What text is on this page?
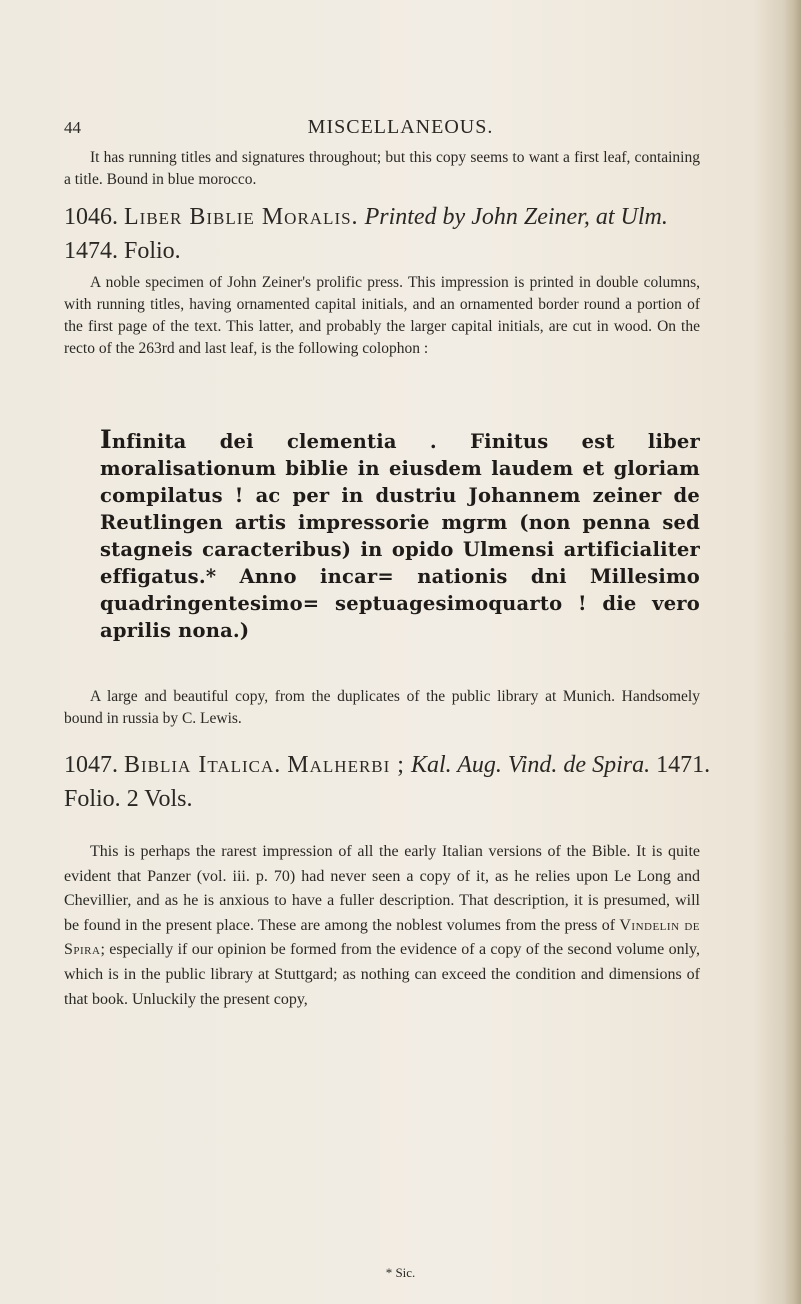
44	MISCELLANEOUS.

It has running titles and signatures throughout; but this copy seems to want a first leaf, containing a title. Bound in blue morocco.

1046. Liber Biblie Moralis. Printed by John Zeiner, at Ulm. 1474. Folio.

A noble specimen of John Zeiner's prolific press. This impression is printed in double columns, with running titles, having ornamented capital initials, and an ornamented border round a portion of the first page of the text. This latter, and probably the larger capital initials, are cut in wood. On the recto of the 263rd and last leaf, is the following colophon :

Infinita dei clementia . Finitus est liber moralisationum biblie in eiusdem laudem et gloriam compilatus ! ac per in dustriu Johannem zeiner de Reutlingen artis impressorie mgrm (non penna sed stagneis caracteribus) in opido Ulmensi artificialiter effigatus.* Anno incar= nationis dni Millesimo quadringentesimo= septuagesimoquarto ! die vero aprilis nona.)

A large and beautiful copy, from the duplicates of the public library at Munich. Handsomely bound in russia by C. Lewis.

1047. Biblia Italica. Malherbi ; Kal. Aug. Vind. de Spira. 1471. Folio. 2 Vols.

This is perhaps the rarest impression of all the early Italian versions of the Bible. It is quite evident that Panzer (vol. iii. p. 70) had never seen a copy of it, as he relies upon Le Long and Chevillier, and as he is anxious to have a fuller description. That description, it is presumed, will be found in the present place. These are among the noblest volumes from the press of Vindelin de Spira; especially if our opinion be formed from the evidence of a copy of the second volume only, which is in the public library at Stuttgard; as nothing can exceed the condition and dimensions of that book. Unluckily the present copy,

* Sic.
